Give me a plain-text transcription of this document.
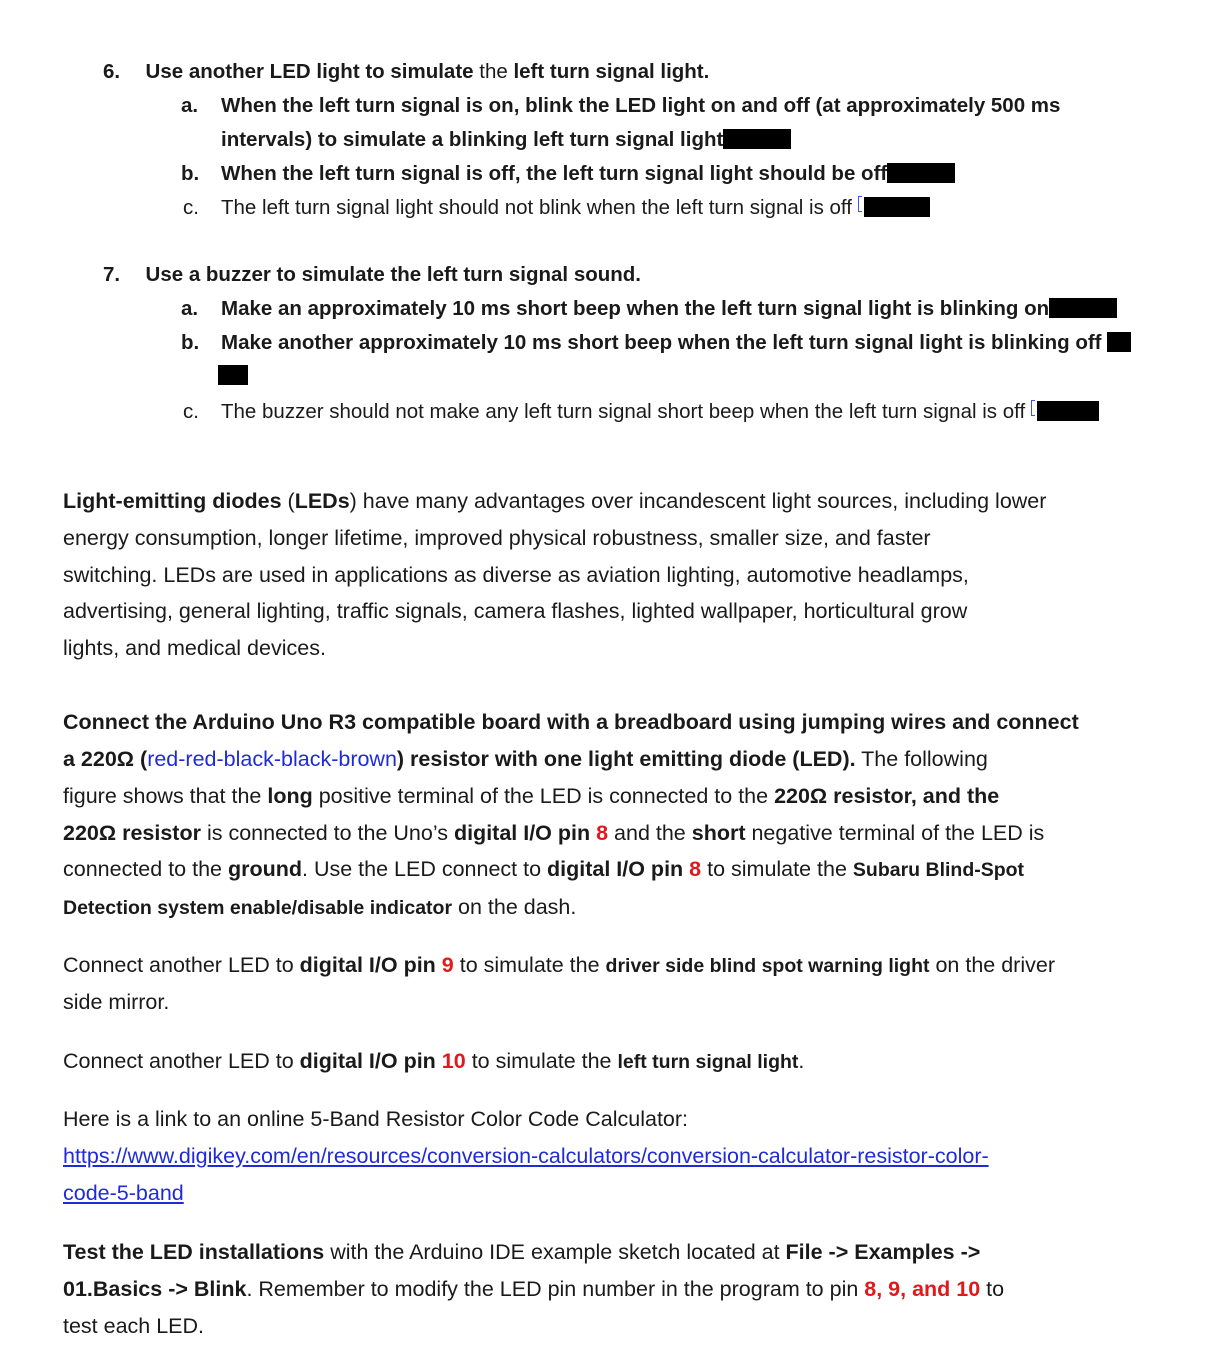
6. Use another LED light to simulate the left turn signal light.
a. When the left turn signal is on, blink the LED light on and off (at approximately 500 ms
intervals) to simulate a blinking left turn signal light
b. When the left turn signal is off, the left turn signal light should be off
c. The left turn signal light should not blink when the left turn signal is off
7. Use a buzzer to simulate the left turn signal sound.
a. Make an approximately 10 ms short beep when the left turn signal light is blinking on
b. Make another approximately 10 ms short beep when the left turn signal light is blinking off
c. The buzzer should not make any left turn signal short beep when the left turn signal is off
Light-emitting diodes (LEDs) have many advantages over incandescent light sources, including lower
energy consumption, longer lifetime, improved physical robustness, smaller size, and faster
switching. LEDs are used in applications as diverse as aviation lighting, automotive headlamps,
advertising, general lighting, traffic signals, camera flashes, lighted wallpaper, horticultural grow
lights, and medical devices.
Connect the Arduino Uno R3 compatible board with a breadboard using jumping wires and connect
a 220Ω (red-red-black-black-brown) resistor with one light emitting diode (LED). The following
figure shows that the long positive terminal of the LED is connected to the 220Ω resistor, and the
220Ω resistor is connected to the Uno’s digital I/O pin 8 and the short negative terminal of the LED is
connected to the ground. Use the LED connect to digital I/O pin 8 to simulate the Subaru Blind-Spot
Detection system enable/disable indicator on the dash.
Connect another LED to digital I/O pin 9 to simulate the driver side blind spot warning light on the driver
side mirror.
Connect another LED to digital I/O pin 10 to simulate the left turn signal light.
Here is a link to an online 5-Band Resistor Color Code Calculator:
https://www.digikey.com/en/resources/conversion-calculators/conversion-calculator-resistor-color-
code-5-band
Test the LED installations with the Arduino IDE example sketch located at File -> Examples ->
01.Basics -> Blink. Remember to modify the LED pin number in the program to pin 8, 9, and 10 to
test each LED.
